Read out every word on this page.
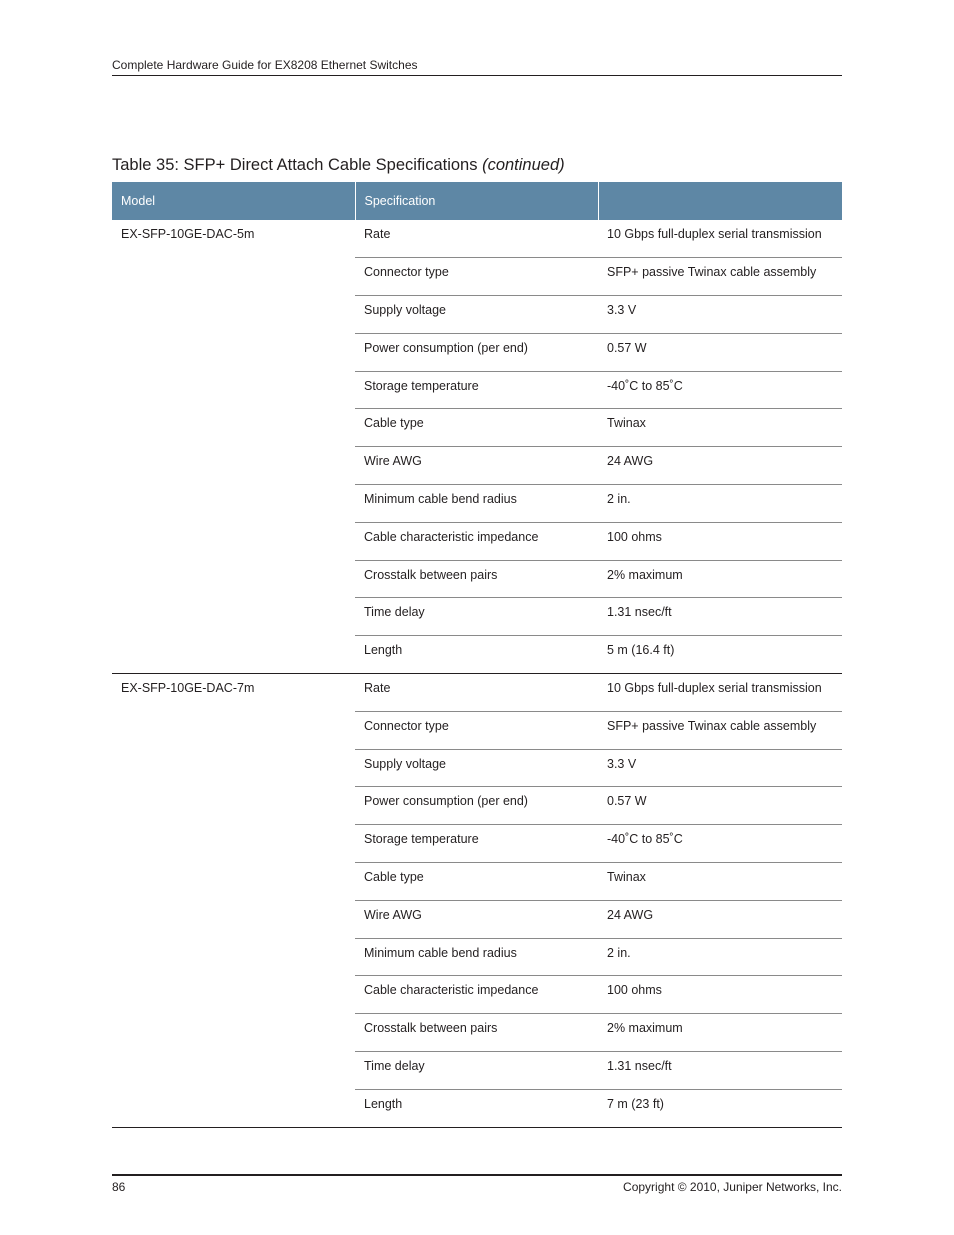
Complete Hardware Guide for EX8208 Ethernet Switches
Table 35: SFP+ Direct Attach Cable Specifications (continued)
Model	Specification	
EX-SFP-10GE-DAC-5m	Rate	10 Gbps full-duplex serial transmission
	Connector type	SFP+ passive Twinax cable assembly
	Supply voltage	3.3 V
	Power consumption (per end)	0.57 W
	Storage temperature	-40˚C to 85˚C
	Cable type	Twinax
	Wire AWG	24 AWG
	Minimum cable bend radius	2 in.
	Cable characteristic impedance	100 ohms
	Crosstalk between pairs	2% maximum
	Time delay	1.31 nsec/ft
	Length	5 m (16.4 ft)
EX-SFP-10GE-DAC-7m	Rate	10 Gbps full-duplex serial transmission
	Connector type	SFP+ passive Twinax cable assembly
	Supply voltage	3.3 V
	Power consumption (per end)	0.57 W
	Storage temperature	-40˚C to 85˚C
	Cable type	Twinax
	Wire AWG	24 AWG
	Minimum cable bend radius	2 in.
	Cable characteristic impedance	100 ohms
	Crosstalk between pairs	2% maximum
	Time delay	1.31 nsec/ft
	Length	7 m (23 ft)
86	Copyright © 2010, Juniper Networks, Inc.
